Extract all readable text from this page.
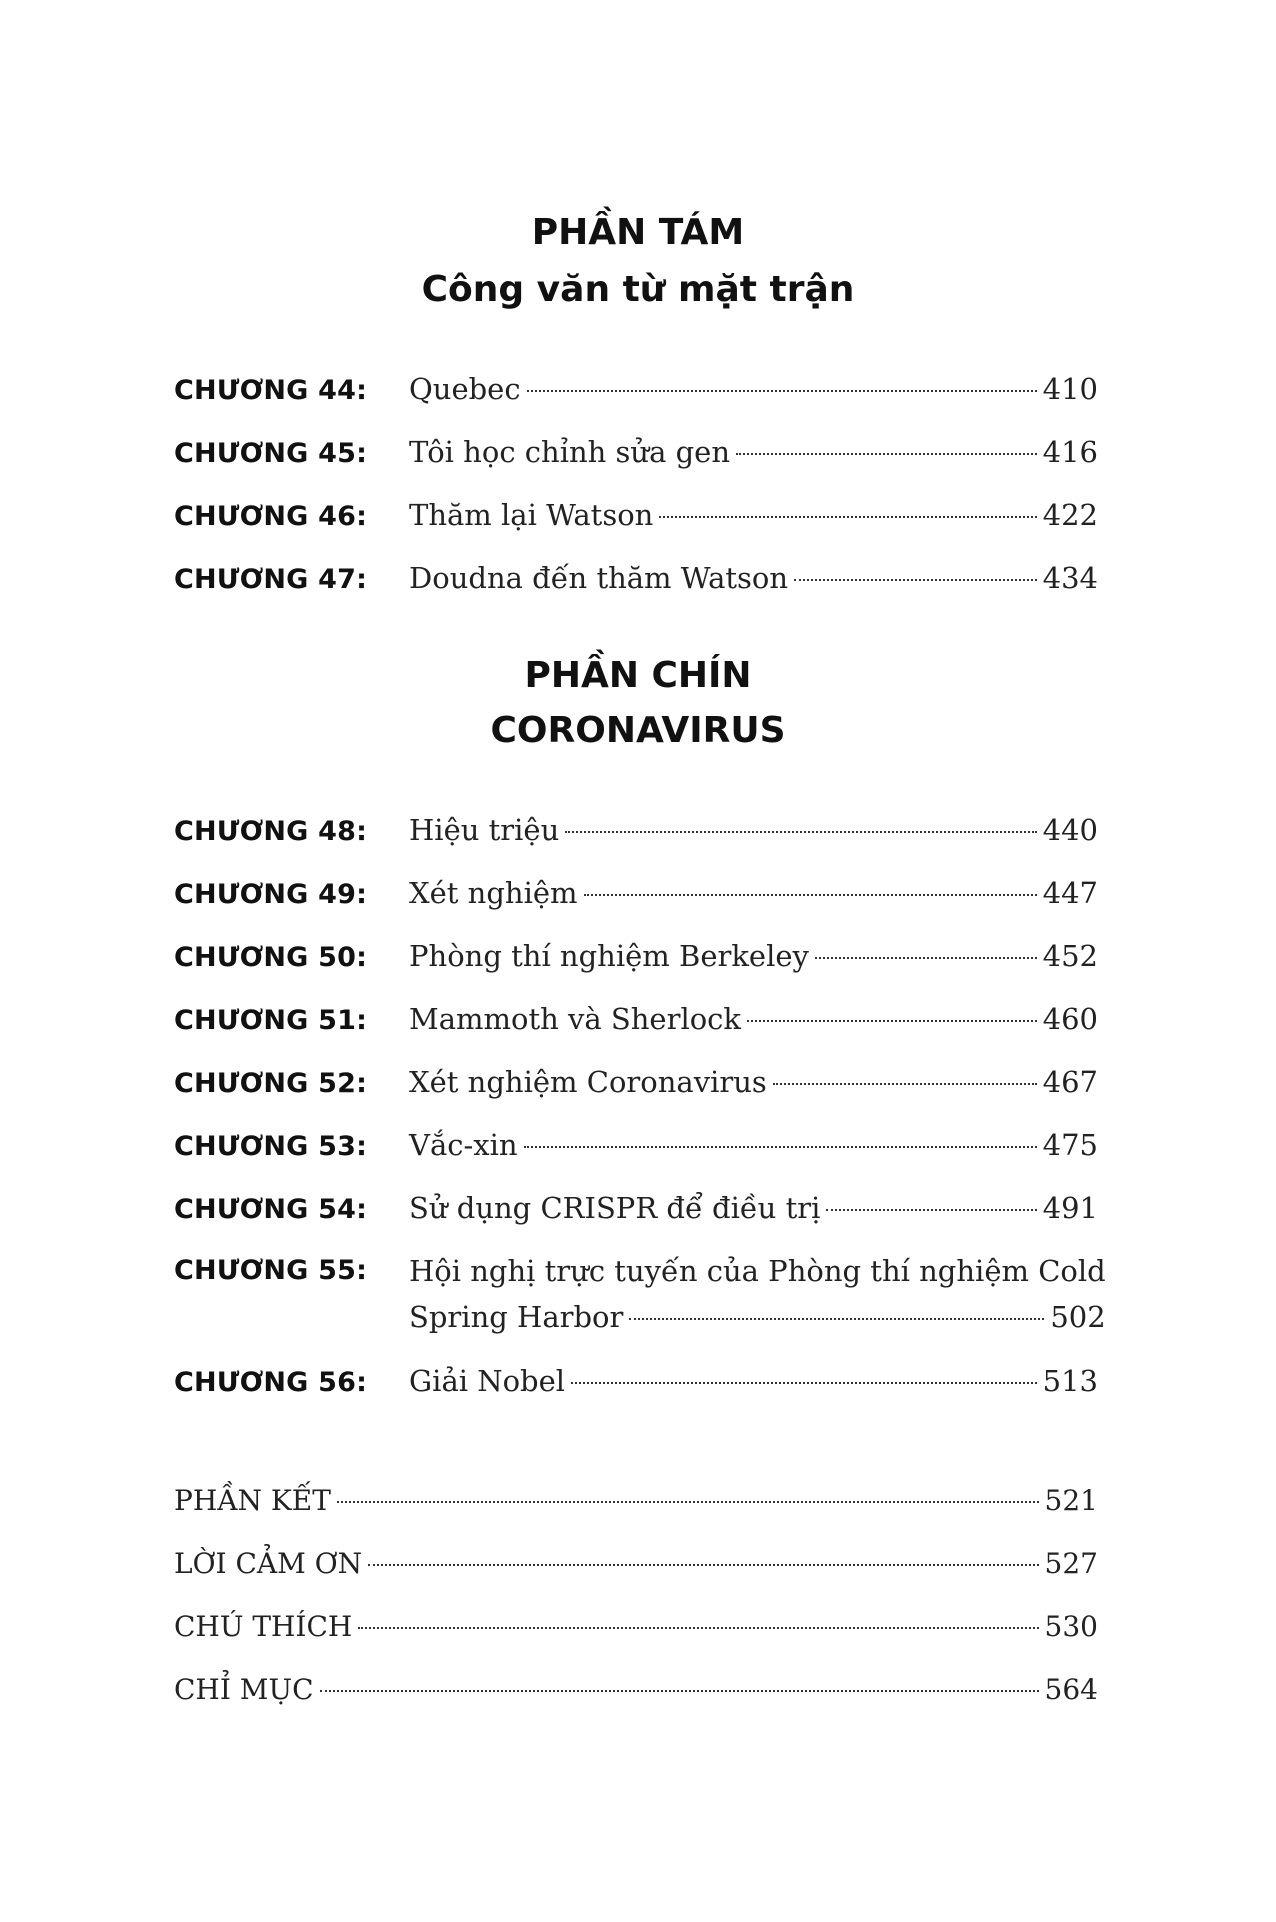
PHẦN TÁM
Công văn từ mặt trận
CHƯƠNG 44:	Quebec	410
CHƯƠNG 45:	Tôi học chỉnh sửa gen	416
CHƯƠNG 46:	Thăm lại Watson	422
CHƯƠNG 47:	Doudna đến thăm Watson	434
PHẦN CHÍN
CORONAVIRUS
CHƯƠNG 48:	Hiệu triệu	440
CHƯƠNG 49:	Xét nghiệm	447
CHƯƠNG 50:	Phòng thí nghiệm Berkeley	452
CHƯƠNG 51:	Mammoth và Sherlock	460
CHƯƠNG 52:	Xét nghiệm Coronavirus	467
CHƯƠNG 53:	Vắc-xin	475
CHƯƠNG 54:	Sử dụng CRISPR để điều trị	491
CHƯƠNG 55:	Hội nghị trực tuyến của Phòng thí nghiệm Cold
Spring Harbor	502
CHƯƠNG 56:	Giải Nobel	513
PHẦN KẾT	521
LỜI CẢM ƠN	527
CHÚ THÍCH	530
CHỈ MỤC	564
